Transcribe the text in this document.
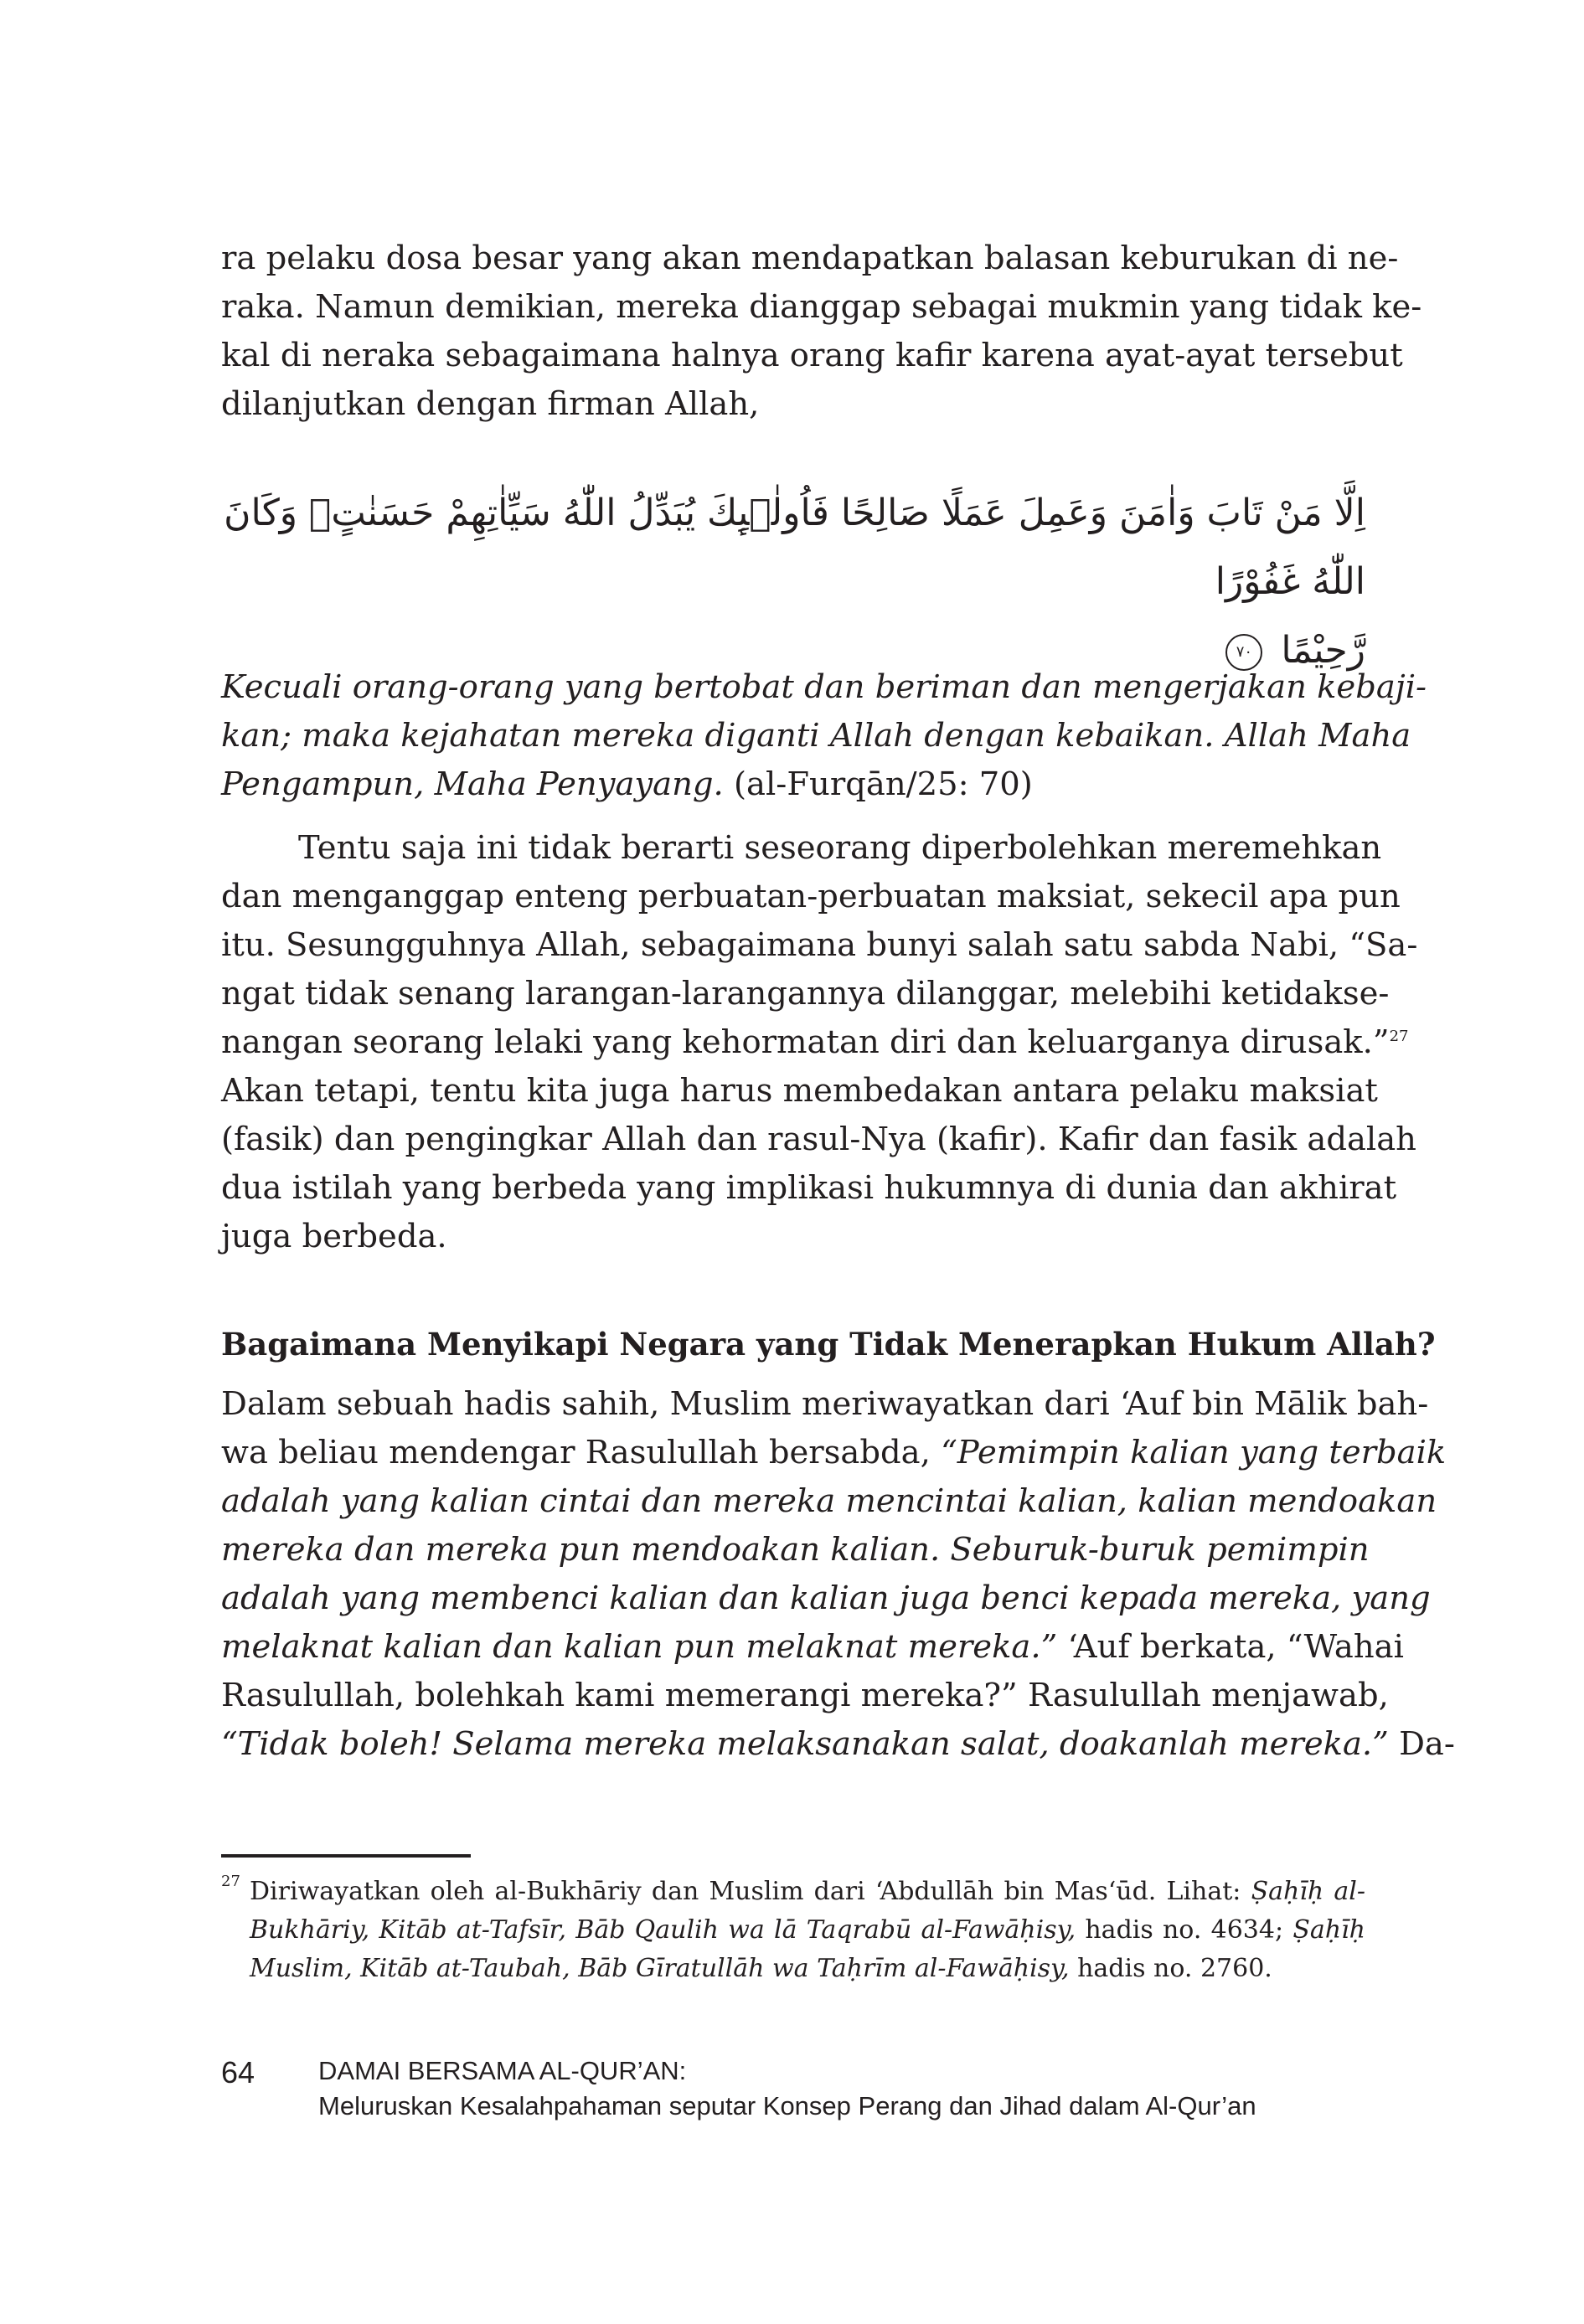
ra pelaku dosa besar yang akan mendapatkan balasan keburukan di ne-
raka. Namun demikian, mereka dianggap sebagai mukmin yang tidak ke-
kal di neraka sebagaimana halnya orang kafir karena ayat-ayat tersebut
dilanjutkan dengan firman Allah,

اِلَّا مَنْ تَابَ وَاٰمَنَ وَعَمِلَ عَمَلًا صَالِحًا فَاُولٰۤىِٕكَ يُبَدِّلُ اللّٰهُ سَيِّاٰتِهِمْ حَسَنٰتٍۗ وَكَانَ اللّٰهُ غَفُوْرًا

رَّحِيْمًا ٧٠

Kecuali orang-orang yang bertobat dan beriman dan mengerjakan kebaji-
kan; maka kejahatan mereka diganti Allah dengan kebaikan. Allah Maha
Pengampun, Maha Penyayang. (al-Furqān/25: 70)

Tentu saja ini tidak berarti seseorang diperbolehkan meremehkan
dan menganggap enteng perbuatan-perbuatan maksiat, sekecil apa pun
itu. Sesungguhnya Allah, sebagaimana bunyi salah satu sabda Nabi, “Sa-
ngat tidak senang larangan-larangannya dilanggar, melebihi ketidakse-
nangan seorang lelaki yang kehormatan diri dan keluarganya dirusak.”$^{27}$
Akan tetapi, tentu kita juga harus membedakan antara pelaku maksiat
(fasik) dan pengingkar Allah dan rasul-Nya (kafir). Kafir dan fasik adalah
dua istilah yang berbeda yang implikasi hukumnya di dunia dan akhirat
juga berbeda.

Bagaimana Menyikapi Negara yang Tidak Menerapkan Hukum Allah?

Dalam sebuah hadis sahih, Muslim meriwayatkan dari ‘Auf bin Mālik bah-
wa beliau mendengar Rasulullah bersabda, “Pemimpin kalian yang terbaik
adalah yang kalian cintai dan mereka mencintai kalian, kalian mendoakan
mereka dan mereka pun mendoakan kalian. Seburuk-buruk pemimpin
adalah yang membenci kalian dan kalian juga benci kepada mereka, yang
melaknat kalian dan kalian pun melaknat mereka.” ‘Auf berkata, “Wahai
Rasulullah, bolehkah kami memerangi mereka?” Rasulullah menjawab,
“Tidak boleh! Selama mereka melaksanakan salat, doakanlah mereka.” Da-

27 Diriwayatkan oleh al-Bukhāriy dan Muslim dari ‘Abdullāh bin Mas‘ūd. Lihat: Ṣaḥīḥ al-
Bukhāriy, Kitāb at-Tafsīr, Bāb Qaulih wa lā Taqrabū al-Fawāḥisy, hadis no. 4634; Ṣaḥīḥ
Muslim, Kitāb at-Taubah, Bāb Gīratullāh wa Taḥrīm al-Fawāḥisy, hadis no. 2760.

64 DAMAI BERSAMA AL-QUR’AN:
Meluruskan Kesalahpahaman seputar Konsep Perang dan Jihad dalam Al-Qur’an
